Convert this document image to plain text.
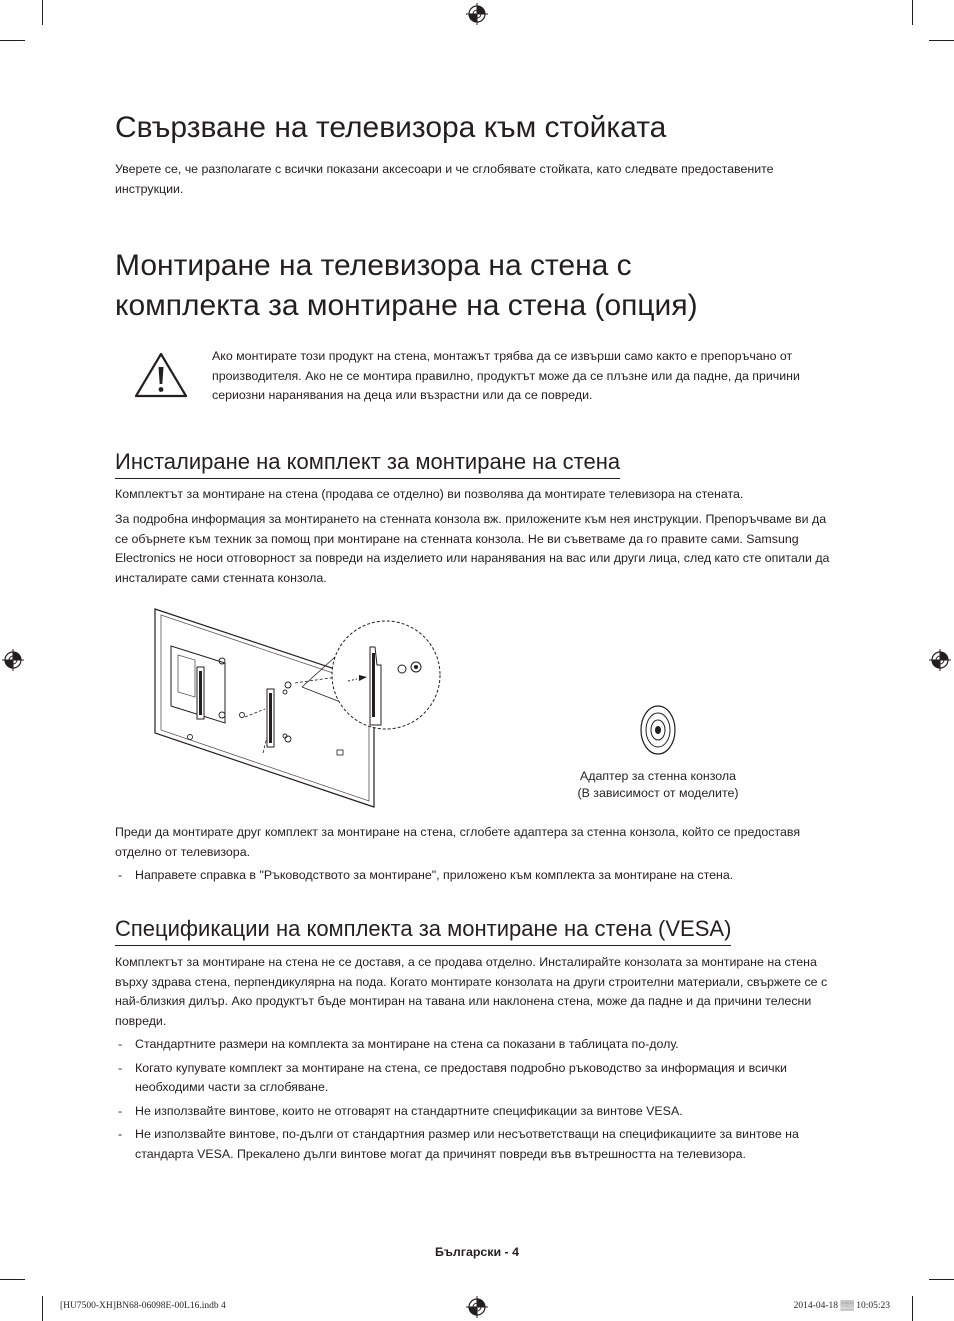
Свързване на телевизора към стойката

Уверете се, че разполагате с всички показани аксесоари и че сглобявате стойката, като следвате предоставените инструкции.

Монтиране на телевизора на стена с
комплекта за монтиране на стена (опция)

Ако монтирате този продукт на стена, монтажът трябва да се извърши само както е препоръчано от производителя. Ако не се монтира правилно, продуктът може да се плъзне или да падне, да причини сериозни наранявания на деца или възрастни или да се повреди.

Инсталиране на комплект за монтиране на стена

Комплектът за монтиране на стена (продава се отделно) ви позволява да монтирате телевизора на стената.

За подробна информация за монтирането на стенната конзола вж. приложените към нея инструкции. Препоръчваме ви да се обърнете към техник за помощ при монтиране на стенната конзола. Не ви съветваме да го правите сами. Samsung Electronics не носи отговорност за повреди на изделието или наранявания на вас или други лица, след като сте опитали да инсталирате сами стенната конзола.

Адаптер за стенна конзола
(В зависимост от моделите)

Преди да монтирате друг комплект за монтиране на стена, сглобете адаптера за стенна конзола, който се предоставя отделно от телевизора.

- Направете справка в "Ръководството за монтиране", приложено към комплекта за монтиране на стена.
Спецификации на комплекта за монтиране на стена (VESA)

Комплектът за монтиране на стена не се доставя, а се продава отделно. Инсталирайте конзолата за монтиране на стена върху здрава стена, перпендикулярна на пода. Когато монтирате конзолата на други строителни материали, свържете се с най-близкия дилър. Ако продуктът бъде монтиран на тавана или наклонена стена, може да падне и да причини телесни повреди.

- Стандартните размери на комплекта за монтиране на стена са показани в таблицата по-долу.
- Когато купувате комплект за монтиране на стена, се предоставя подробно ръководство за информация и всички необходими части за сглобяване.
- Не използвайте винтове, които не отговарят на стандартните спецификации за винтове VESA.
- Не използвайте винтове, по-дълги от стандартния размер или несъответстващи на спецификациите за винтове на стандарта VESA. Прекалено дълги винтове могат да причинят повреди във вътрешността на телевизора.
Български - 4
[HU7500-XH]BN68-06098E-00L16.indb 4	2014-04-18 ▒▒ 10:05:23
